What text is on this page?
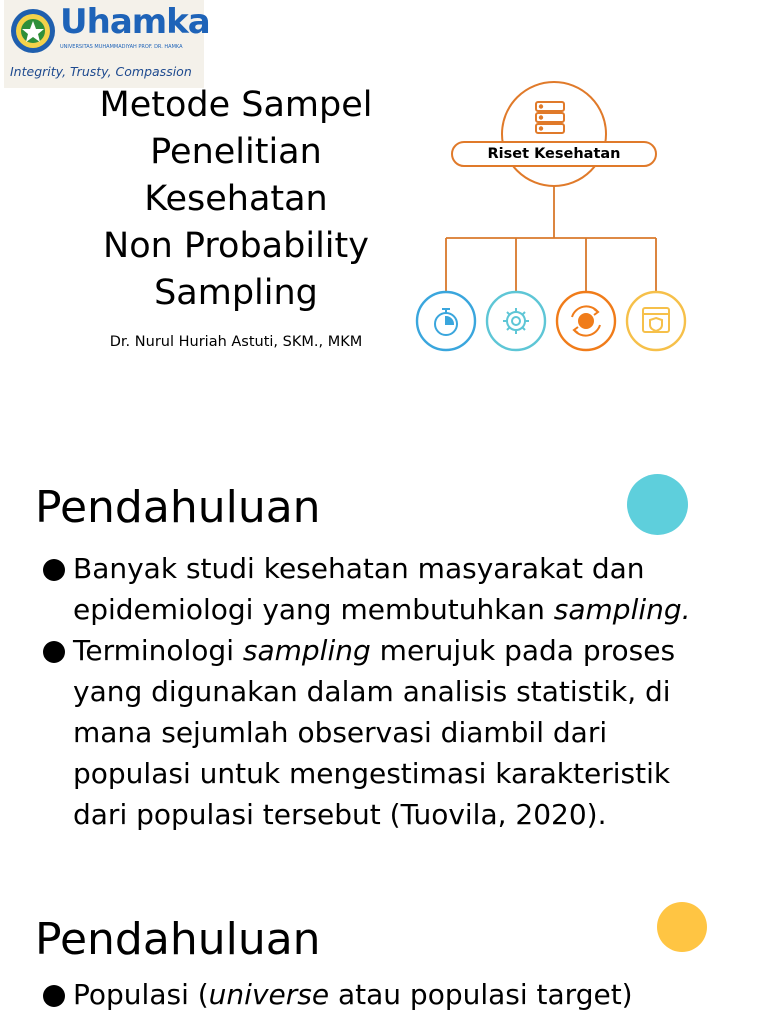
Uhamka
UNIVERSITAS MUHAMMADIYAH PROF. DR. HAMKA
Integrity, Trusty, Compassion
Metode Sampel
Penelitian
Kesehatan
Non Probability
Sampling
Dr. Nurul Huriah Astuti, SKM., MKM
Riset Kesehatan
Pendahuluan
Banyak studi kesehatan masyarakat dan
epidemiologi yang membutuhkan sampling.
Terminologi sampling merujuk pada proses
yang digunakan dalam analisis statistik, di
mana sejumlah observasi diambil dari
populasi untuk mengestimasi karakteristik
dari populasi tersebut (Tuovila, 2020).
Pendahuluan
Populasi (universe atau populasi target)
